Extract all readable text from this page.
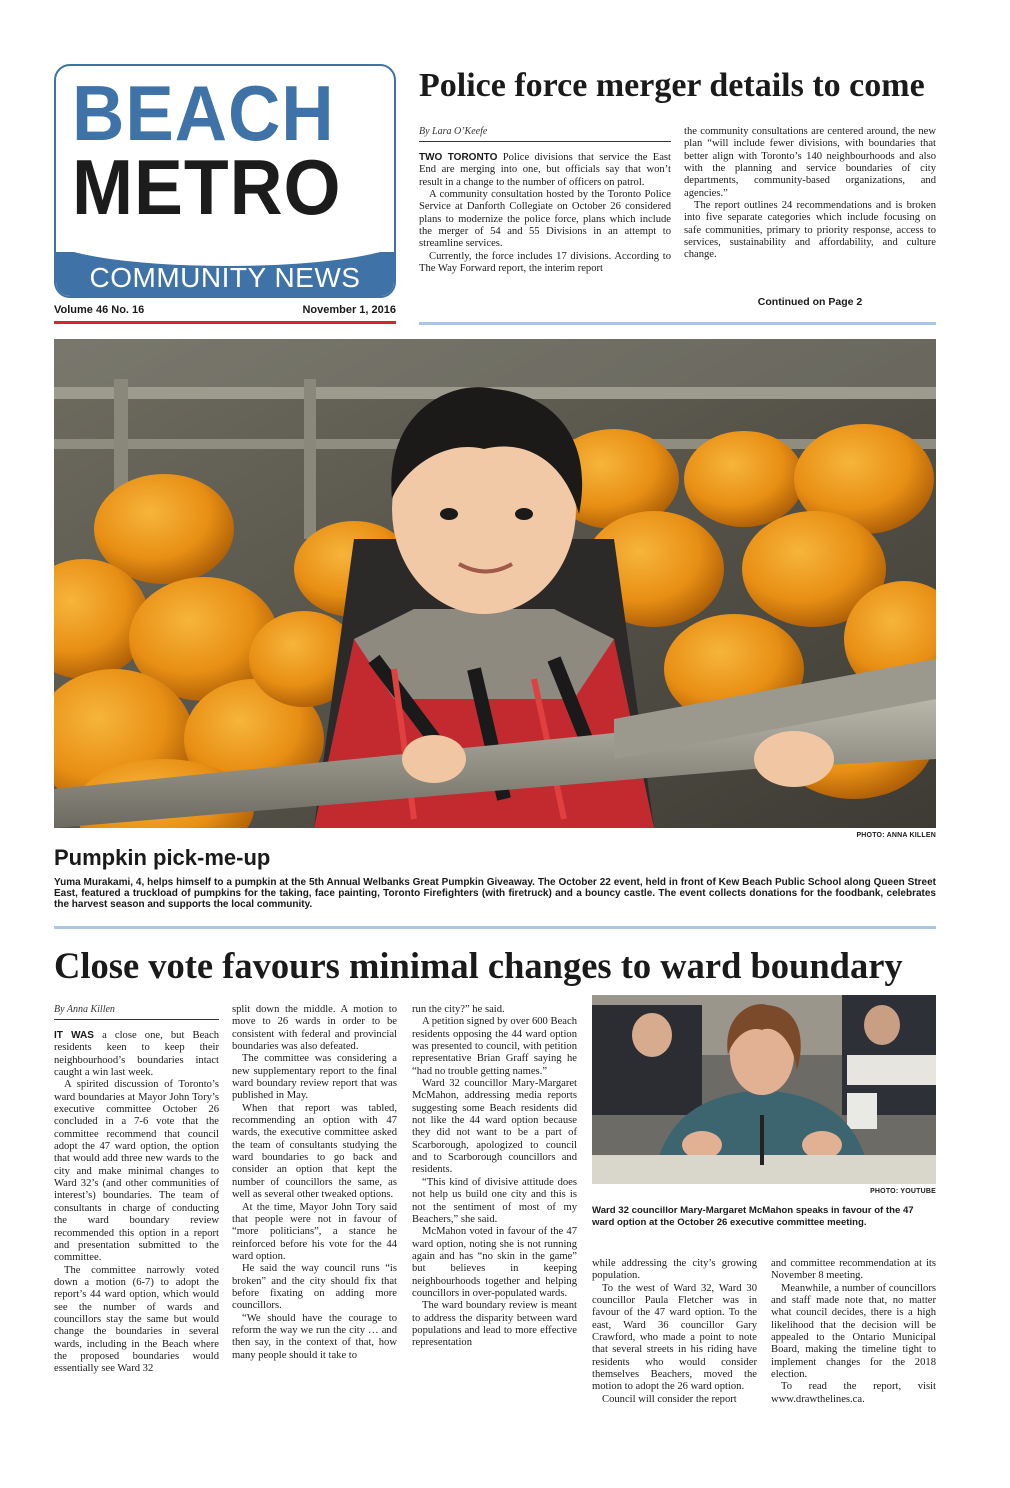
BEACH
METRO
COMMUNITY NEWS
Volume 46 No. 16	November 1, 2016
Police force merger details to come
By Lara O’Keefe

TWO TORONTO Police divisions that service the East End are merging into one, but officials say that won’t result in a change to the number of officers on patrol.

A community consultation hosted by the Toronto Police Service at Danforth Collegiate on October 26 considered plans to modernize the police force, plans which include the merger of 54 and 55 Divisions in an attempt to streamline services.

Currently, the force includes 17 divisions. According to The Way Forward report, the interim report

the community consultations are centered around, the new plan “will include fewer divisions, with boundaries that better align with Toronto’s 140 neighbourhoods and also with the planning and service boundaries of city departments, community-based organizations, and agencies.”

The report outlines 24 recommendations and is broken into five separate categories which include focusing on safe communities, primary to priority response, access to services, sustainability and affordability, and culture change.

Continued on Page 2
PHOTO: ANNA KILLEN
Pumpkin pick-me-up
Yuma Murakami, 4, helps himself to a pumpkin at the 5th Annual Welbanks Great Pumpkin Giveaway. The October 22 event, held in front of Kew Beach Public School along Queen Street East, featured a truckload of pumpkins for the taking, face painting, Toronto Firefighters (with firetruck) and a bouncy castle. The event collects donations for the foodbank, celebrates the harvest season and supports the local community.
Close vote favours minimal changes to ward boundary
By Anna Killen

IT WAS a close one, but Beach residents keen to keep their neighbourhood’s boundaries intact caught a win last week.

A spirited discussion of Toronto’s ward boundaries at Mayor John Tory’s executive committee October 26 concluded in a 7-6 vote that the committee recommend that council adopt the 47 ward option, the option that would add three new wards to the city and make minimal changes to Ward 32’s (and other communities of interest’s) boundaries. The team of consultants in charge of conducting the ward boundary review recommended this option in a report and presentation submitted to the committee.

The committee narrowly voted down a motion (6-7) to adopt the report’s 44 ward option, which would see the number of wards and councillors stay the same but would change the boundaries in several wards, including in the Beach where the proposed boundaries would essentially see Ward 32

split down the middle. A motion to move to 26 wards in order to be consistent with federal and provincial boundaries was also defeated.

The committee was considering a new supplementary report to the final ward boundary review report that was published in May.

When that report was tabled, recommending an option with 47 wards, the executive committee asked the team of consultants studying the ward boundaries to go back and consider an option that kept the number of councillors the same, as well as several other tweaked options.

At the time, Mayor John Tory said that people were not in favour of “more politicians”, a stance he reinforced before his vote for the 44 ward option.

He said the way council runs “is broken” and the city should fix that before fixating on adding more councillors.

“We should have the courage to reform the way we run the city … and then say, in the context of that, how many people should it take to

run the city?” he said.

A petition signed by over 600 Beach residents opposing the 44 ward option was presented to council, with petition representative Brian Graff saying he “had no trouble getting names.”

Ward 32 councillor Mary-Margaret McMahon, addressing media reports suggesting some Beach residents did not like the 44 ward option because they did not want to be a part of Scarborough, apologized to council and to Scarborough councillors and residents.

“This kind of divisive attitude does not help us build one city and this is not the sentiment of most of my Beachers,” she said.

McMahon voted in favour of the 47 ward option, noting she is not running again and has “no skin in the game” but believes in keeping neighbourhoods together and helping councillors in over-populated wards.

The ward boundary review is meant to address the disparity between ward populations and lead to more effective representation

PHOTO: YOUTUBE
Ward 32 councillor Mary-Margaret McMahon speaks in favour of the 47 ward option at the October 26 executive committee meeting.

while addressing the city’s growing population.

To the west of Ward 32, Ward 30 councillor Paula Fletcher was in favour of the 47 ward option. To the east, Ward 36 councillor Gary Crawford, who made a point to note that several streets in his riding have residents who would consider themselves Beachers, moved the motion to adopt the 26 ward option.

Council will consider the report

and committee recommendation at its November 8 meeting.

Meanwhile, a number of councillors and staff made note that, no matter what council decides, there is a high likelihood that the decision will be appealed to the Ontario Municipal Board, making the timeline tight to implement changes for the 2018 election.

To read the report, visit www.drawthelines.ca.
